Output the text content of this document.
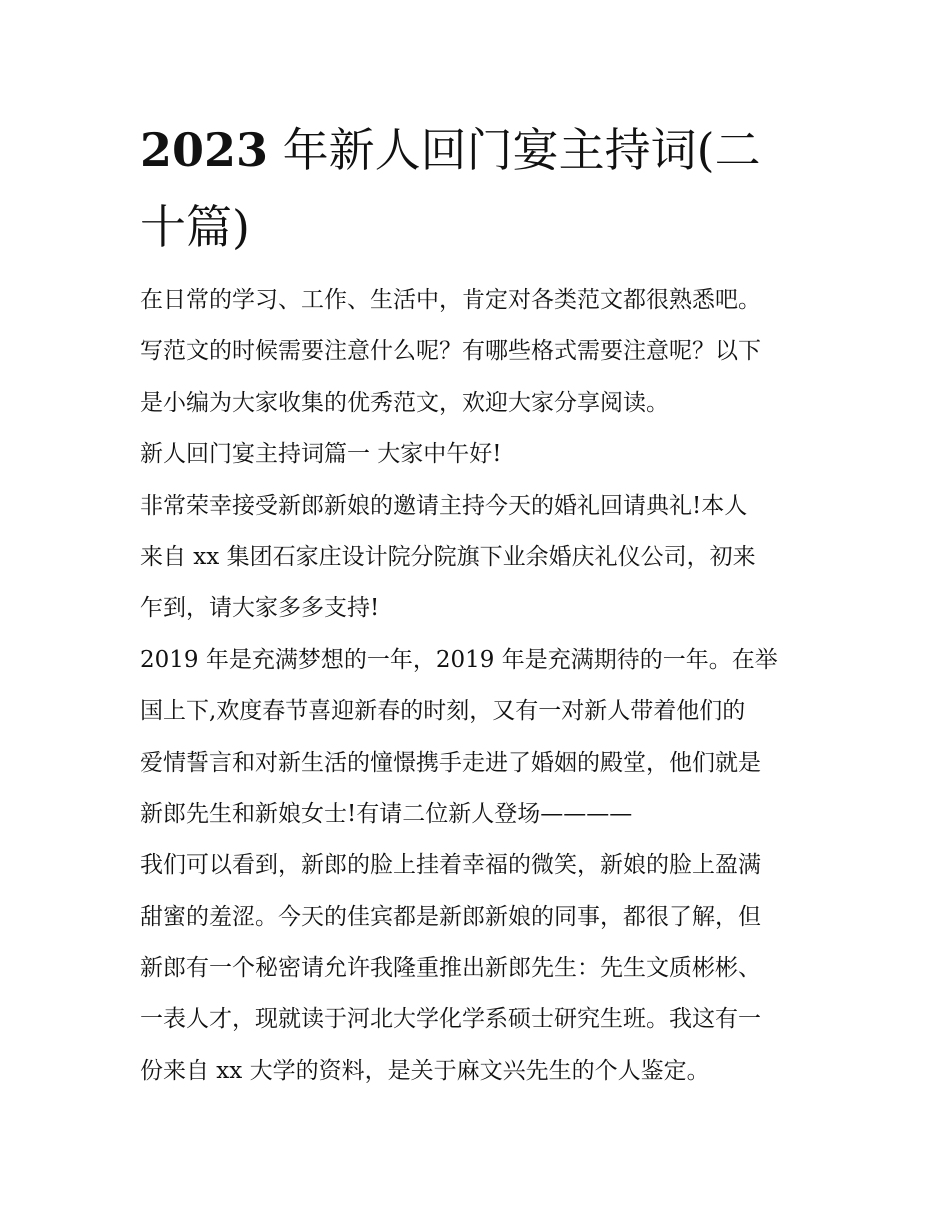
2023 年新人回门宴主持词(二
十篇)

在日常的学习、工作、生活中，肯定对各类范文都很熟悉吧。

写范文的时候需要注意什么呢？有哪些格式需要注意呢？以下

是小编为大家收集的优秀范文，欢迎大家分享阅读。

新人回门宴主持词篇一 大家中午好!

非常荣幸接受新郎新娘的邀请主持今天的婚礼回请典礼!本人

来自 xx 集团石家庄设计院分院旗下业余婚庆礼仪公司，初来

乍到，请大家多多支持!

2019 年是充满梦想的一年，2019 年是充满期待的一年。在举

国上下,欢度春节喜迎新春的时刻，又有一对新人带着他们的

爱情誓言和对新生活的憧憬携手走进了婚姻的殿堂，他们就是

新郎先生和新娘女士!有请二位新人登场————

我们可以看到，新郎的脸上挂着幸福的微笑，新娘的脸上盈满

甜蜜的羞涩。今天的佳宾都是新郎新娘的同事，都很了解，但

新郎有一个秘密请允许我隆重推出新郎先生：先生文质彬彬、

一表人才，现就读于河北大学化学系硕士研究生班。我这有一

份来自 xx 大学的资料，是关于麻文兴先生的个人鉴定。
